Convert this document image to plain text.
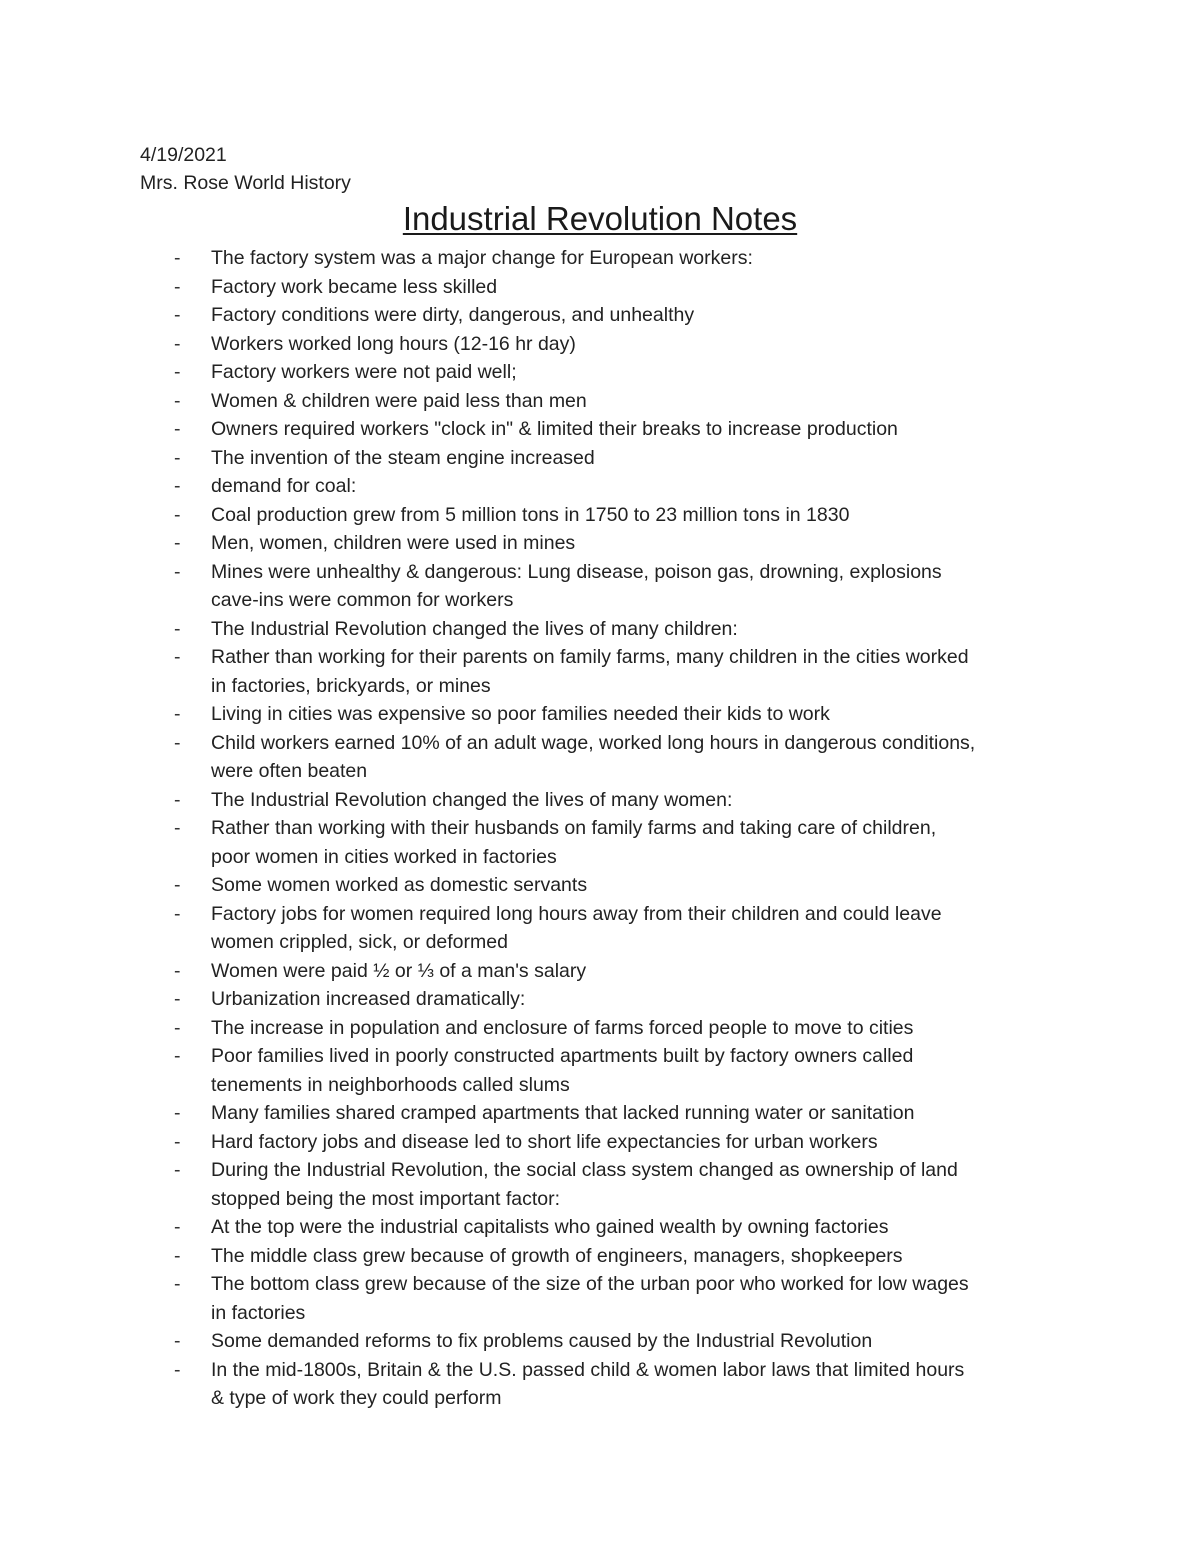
4/19/2021
Mrs. Rose World History
Industrial Revolution Notes
- The factory system was a major change for European workers:
- Factory work became less skilled
- Factory conditions were dirty, dangerous, and unhealthy
- Workers worked long hours (12-16 hr day)
- Factory workers were not paid well;
- Women & children were paid less than men
- Owners required workers "clock in" & limited their breaks to increase production
- The invention of the steam engine increased
- demand for coal:
- Coal production grew from 5 million tons in 1750 to 23 million tons in 1830
- Men, women, children were used in mines
- Mines were unhealthy & dangerous: Lung disease, poison gas, drowning, explosions
cave-ins were common for workers
- The Industrial Revolution changed the lives of many children:
- Rather than working for their parents on family farms, many children in the cities worked
in factories, brickyards, or mines
- Living in cities was expensive so poor families needed their kids to work
- Child workers earned 10% of an adult wage, worked long hours in dangerous conditions,
were often beaten
- The Industrial Revolution changed the lives of many women:
- Rather than working with their husbands on family farms and taking care of children,
poor women in cities worked in factories
- Some women worked as domestic servants
- Factory jobs for women required long hours away from their children and could leave
women crippled, sick, or deformed
- Women were paid ½ or ⅓ of a man's salary
- Urbanization increased dramatically:
- The increase in population and enclosure of farms forced people to move to cities
- Poor families lived in poorly constructed apartments built by factory owners called
tenements in neighborhoods called slums
- Many families shared cramped apartments that lacked running water or sanitation
- Hard factory jobs and disease led to short life expectancies for urban workers
- During the Industrial Revolution, the social class system changed as ownership of land
stopped being the most important factor:
- At the top were the industrial capitalists who gained wealth by owning factories
- The middle class grew because of growth of engineers, managers, shopkeepers
- The bottom class grew because of the size of the urban poor who worked for low wages
in factories
- Some demanded reforms to fix problems caused by the Industrial Revolution
- In the mid-1800s, Britain & the U.S. passed child & women labor laws that limited hours
& type of work they could perform
